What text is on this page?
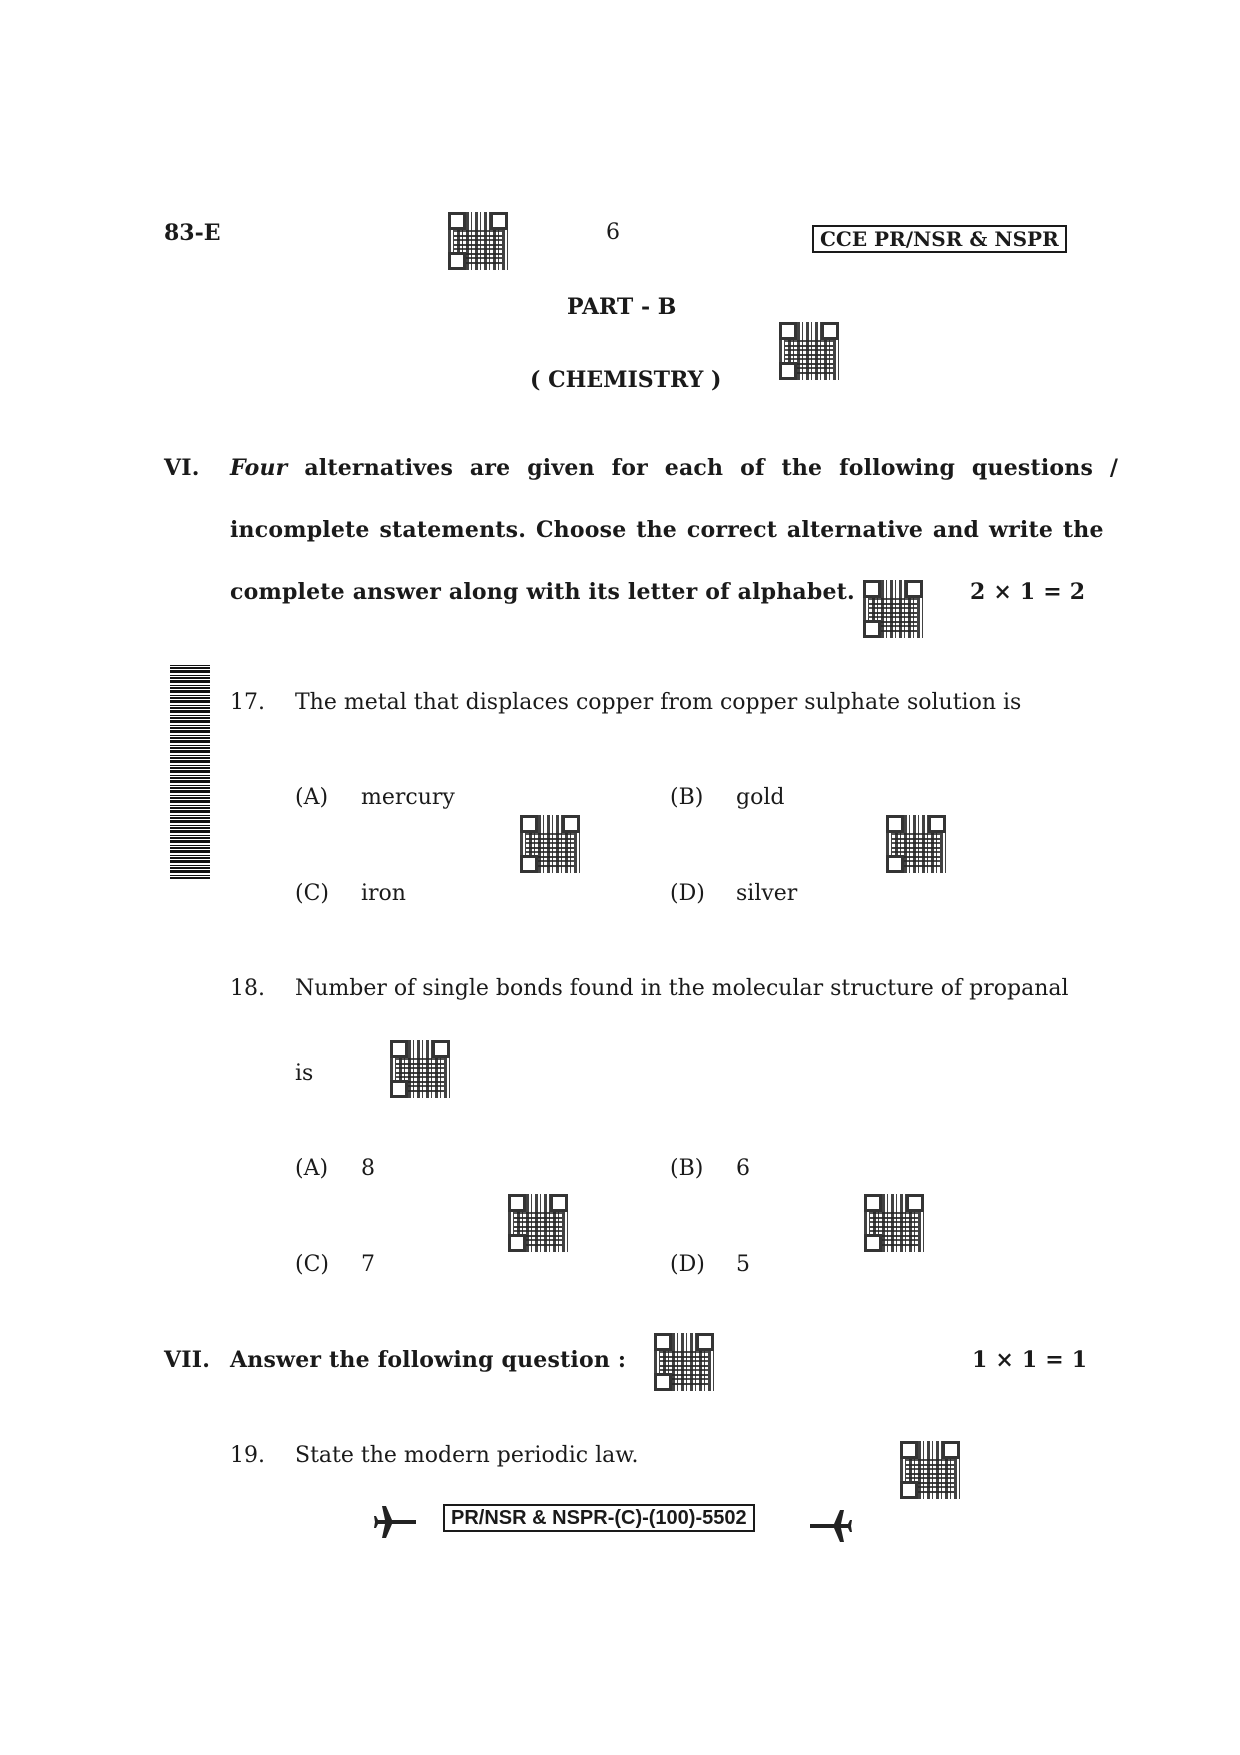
83-E	6	CCE PR/NSR & NSPR
PART - B
( CHEMISTRY )
VI. Four alternatives are given for each of the following questions /
incomplete statements. Choose the correct alternative and write the
complete answer along with its letter of alphabet.	2 × 1 = 2
17. The metal that displaces copper from copper sulphate solution is
(A) mercury	(B) gold
(C) iron	(D) silver
18. Number of single bonds found in the molecular structure of propanal
is
(A) 8	(B) 6
(C) 7	(D) 5
VII. Answer the following question :	1 × 1 = 1
19. State the modern periodic law.
PR/NSR & NSPR-(C)-(100)-5502
